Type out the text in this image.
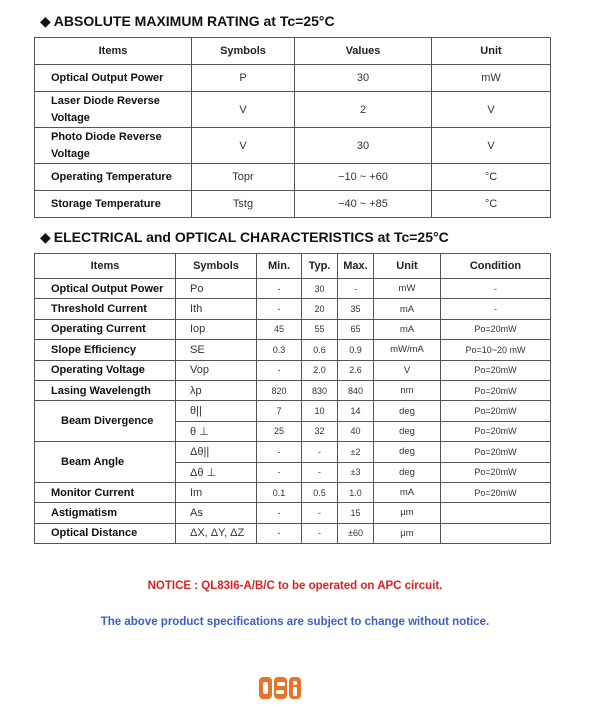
◆ ABSOLUTE MAXIMUM RATING at Tc=25°C
Items	Symbols	Values	Unit
Optical Output Power	P	30	mW
Laser Diode Reverse Voltage	V	2	V
Photo Diode Reverse Voltage	V	30	V
Operating Temperature	Topr	−10 ~ +60	°C
Storage Temperature	Tstg	−40 ~ +85	°C
◆ ELECTRICAL and OPTICAL CHARACTERISTICS at Tc=25°C
Items	Symbols	Min.	Typ.	Max.	Unit	Condition
Optical Output Power	Po	-	30	-	mW	-
Threshold Current	Ith	-	20	35	mA	-
Operating Current	Iop	45	55	65	mA	Po=20mW
Slope Efficiency	SE	0.3	0.6	0.9	mW/mA	Po=10~20 mW
Operating Voltage	Vop	-	2.0	2.6	V	Po=20mW
Lasing Wavelength	λp	820	830	840	nm	Po=20mW
Beam Divergence	θ||	7	10	14	deg	Po=20mW
	θ ⊥	25	32	40	deg	Po=20mW
Beam Angle	Δθ||	-	-	±2	deg	Po=20mW
	Δθ ⊥	-	-	±3	deg	Po=20mW
Monitor Current	Im	0.1	0.5	1.0	mA	Po=20mW
Astigmatism	As	-	-	15	μm	
Optical Distance	ΔX, ΔY, ΔZ	-	-	±60	μm	
NOTICE : QL83I6-A/B/C to be operated on APC circuit.
The above product specifications are subject to change without notice.
